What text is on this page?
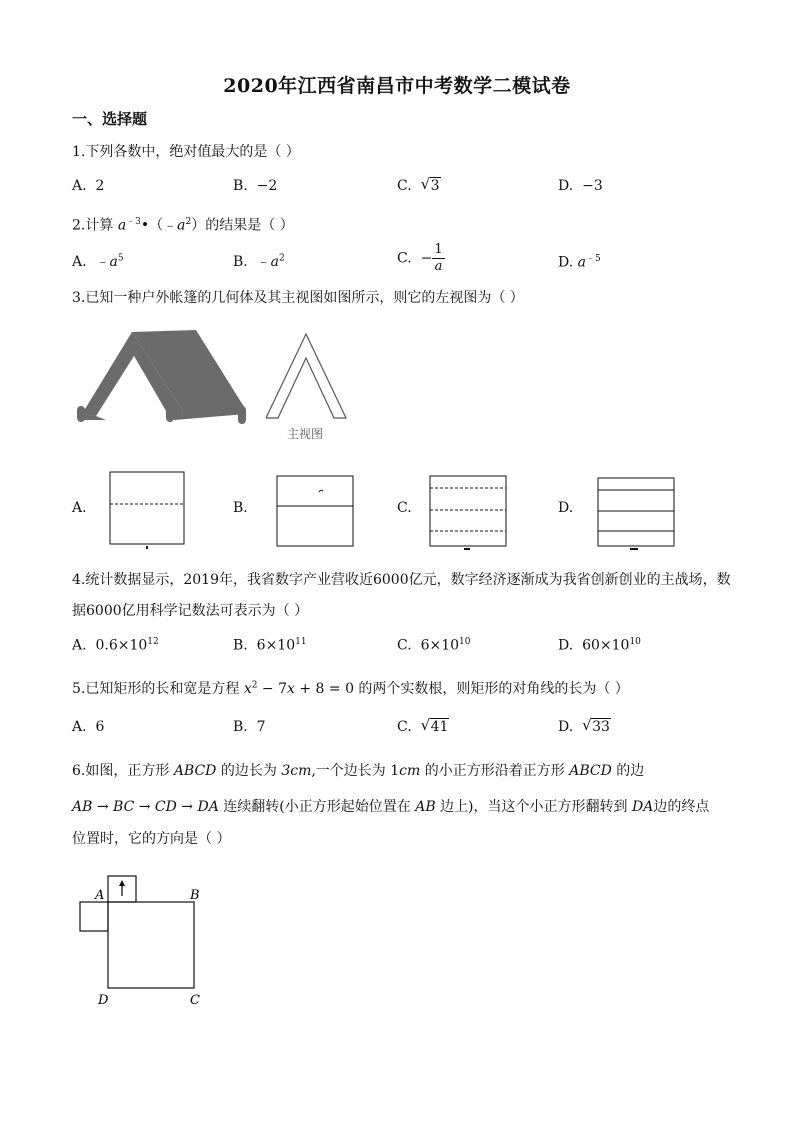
2020年江西省南昌市中考数学二模试卷
一、选择题
1.下列各数中，绝对值最大的是（ ）
A. 2	B. −2	C. √ 3	D. −3
2.计算 $a^{﹣3}•(﹣a^2)$的结果是（ ）
A. $﹣a^5$	B. $﹣a^2$	C. − $\frac{1}{a}$	D. $a^{﹣5}$
3.已知一种户外帐篷的几何体及其主视图如图所示，则它的左视图为（ ）
主视图
A.	B.	C.	D.
4.统计数据显示，2019年，我省数字产业营收近6000亿元，数字经济逐渐成为我省创新创业的主战场，数
据6000亿用科学记数法可表示为（ ）
A. $0.6\times 10^{12}$	B. $6\times 10^{11}$	C. $6\times 10^{10}$	D. $60\times 10^{10}$
5.已知矩形的长和宽是方程 $x^2 - 7x + 8 = 0$ 的两个实数根，则矩形的对角线的长为（ ）
A. 6	B. 7	C. √ 41	D. √ 33
6.如图，正方形 ABCD 的边长为 3cm,一个边长为 1cm 的小正方形沿着正方形 ABCD 的边
AB → BC → CD → DA 连续翻转(小正方形起始位置在 AB 边上)，当这个小正方形翻转到 DA边的终点
位置时，它的方向是（ ）
A	B
D	C
